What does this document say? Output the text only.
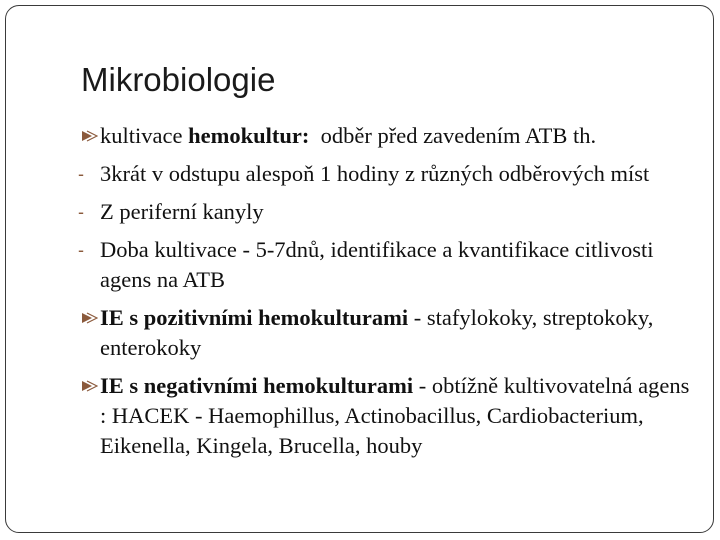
Mikrobiologie
kultivace hemokultur:  odběr před zavedením ATB th.
- 3krát v odstupu alespoň 1 hodiny z různých odběrových míst
- Z periferní kanyly
- Doba kultivace - 5-7dnů, identifikace a kvantifikace citlivosti agens na ATB
IE s pozitivními hemokulturami - stafylokoky, streptokoky, enterokoky
IE s negativními hemokulturami - obtížně kultivovatelná agens : HACEK - Haemophillus, Actinobacillus, Cardiobacterium, Eikenella, Kingela, Brucella, houby
